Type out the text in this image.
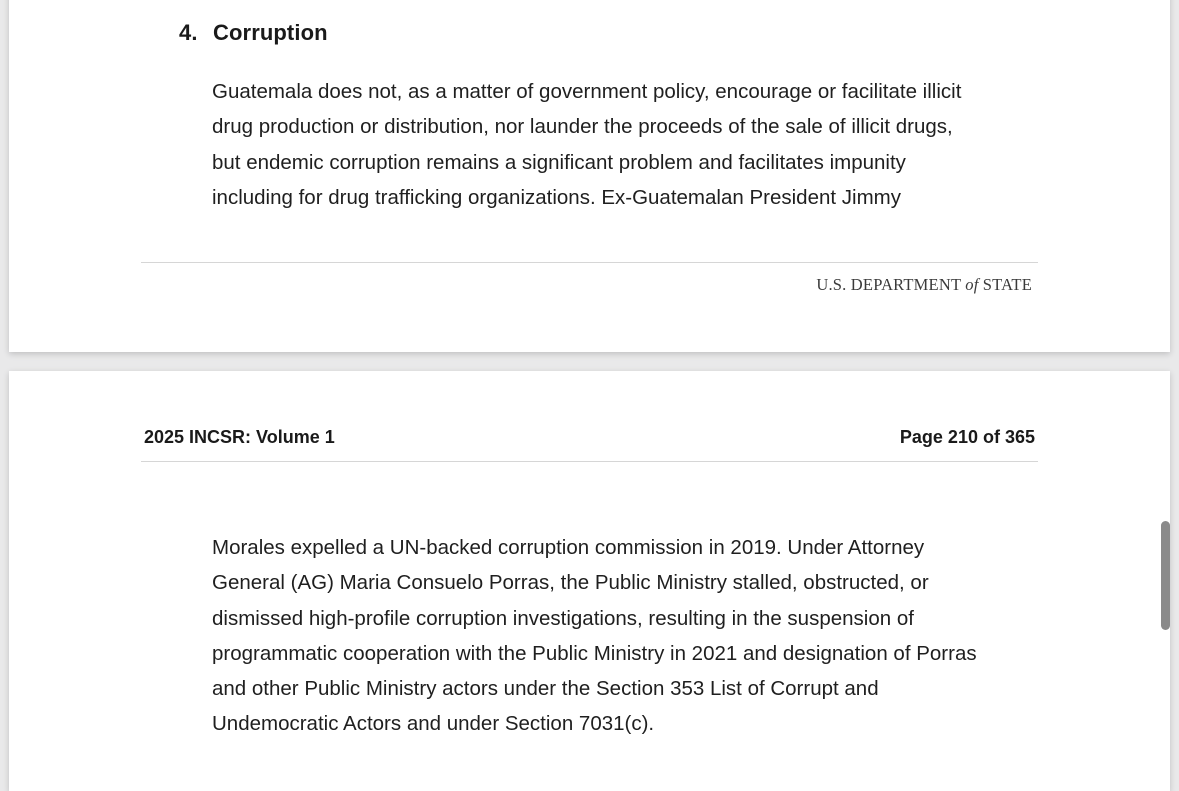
4. Corruption
Guatemala does not, as a matter of government policy, encourage or facilitate illicit
drug production or distribution, nor launder the proceeds of the sale of illicit drugs,
but endemic corruption remains a significant problem and facilitates impunity
including for drug trafficking organizations. Ex-Guatemalan President Jimmy
U.S. DEPARTMENT of STATE
2025 INCSR: Volume 1	Page 210 of 365
Morales expelled a UN-backed corruption commission in 2019. Under Attorney
General (AG) Maria Consuelo Porras, the Public Ministry stalled, obstructed, or
dismissed high-profile corruption investigations, resulting in the suspension of
programmatic cooperation with the Public Ministry in 2021 and designation of Porras
and other Public Ministry actors under the Section 353 List of Corrupt and
Undemocratic Actors and under Section 7031(c).
